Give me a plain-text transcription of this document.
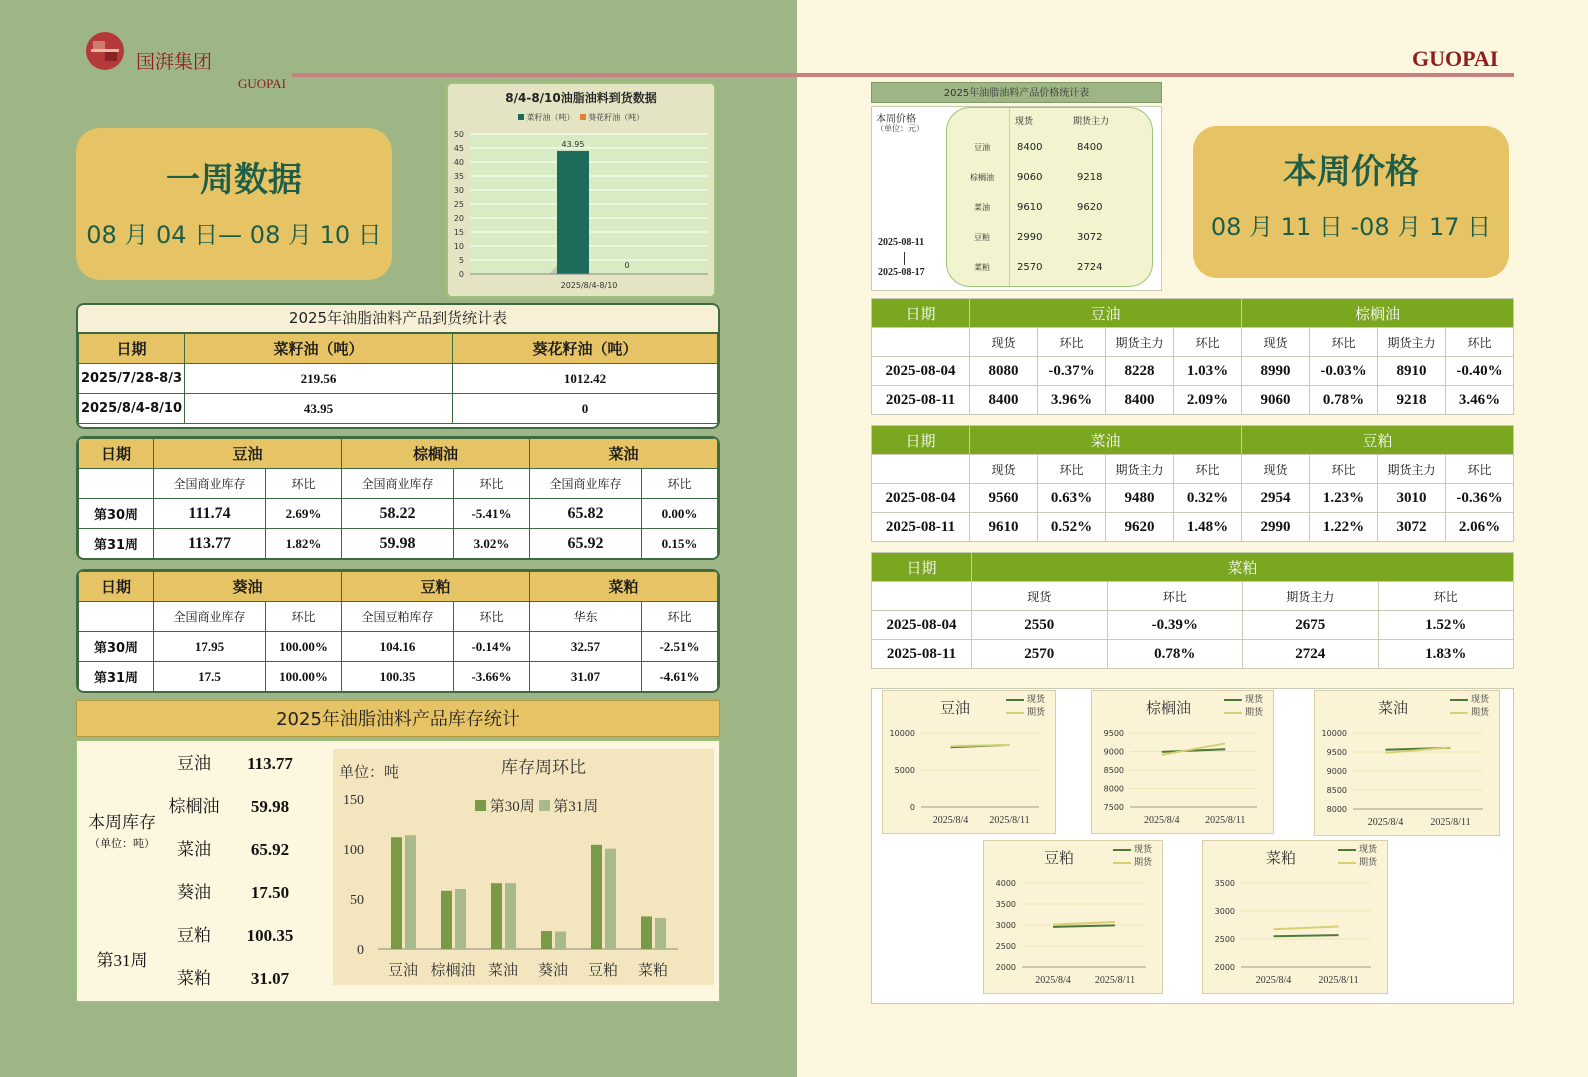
国湃集团
GUOPAI
GUOPAI
一周数据
08 月 04 日— 08 月 10 日
8/4-8/10油脂油料到货数据
菜籽油（吨） 葵花籽油（吨）
50
45
40
35
30
25
20
15
10
5
0
43.95
0
2025/8/4-8/10
2025年油脂油料产品到货统计表
日期	菜籽油（吨）	葵花籽油（吨）
2025/7/28-8/3	219.56	1012.42
2025/8/4-8/10	43.95	0
日期	豆油		棕榈油		菜油	
	全国商业库存	环比	全国商业库存	环比	全国商业库存	环比
第30周	111.74	2.69%	58.22	-5.41%	65.82	0.00%
第31周	113.77	1.82%	59.98	3.02%	65.92	0.15%
日期	葵油		豆粕		菜粕	
	全国商业库存	环比	全国豆粕库存	环比	华东	环比
第30周	17.95	100.00%	104.16	-0.14%	32.57	-2.51%
第31周	17.5	100.00%	100.35	-3.66%	31.07	-4.61%
2025年油脂油料产品库存统计
本周库存
（单位：吨）
第31周
豆油	113.77
棕榈油	59.98
菜油	65.92
葵油	17.50
豆粕	100.35
菜粕	31.07
单位：吨	库存周环比
第30周 第31周
150
100
50
0
豆油 棕榈油 菜油 葵油 豆粕 菜粕
本周价格
08 月 11 日 -08 月 17 日
2025年油脂油料产品价格统计表
本周价格
（单位：元）
2025-08-11
2025-08-17
现货	期货主力
豆油	8400	8400
棕榈油	9060	9218
菜油	9610	9620
豆粕	2990	3072
菜粕	2570	2724
日期	豆油				棕榈油			
	现货	环比	期货主力	环比	现货	环比	期货主力	环比
2025-08-04	8080	-0.37%	8228	1.03%	8990	-0.03%	8910	-0.40%
2025-08-11	8400	3.96%	8400	2.09%	9060	0.78%	9218	3.46%
日期	菜油				豆粕			
	现货	环比	期货主力	环比	现货	环比	期货主力	环比
2025-08-04	9560	0.63%	9480	0.32%	2954	1.23%	3010	-0.36%
2025-08-11	9610	0.52%	9620	1.48%	2990	1.22%	3072	2.06%
日期	菜粕			
	现货	环比	期货主力	环比
2025-08-04	2550	-0.39%	2675	1.52%
2025-08-11	2570	0.78%	2724	1.83%
豆油
现货
期货
10000
5000
0
2025/8/4 2025/8/11
棕榈油
现货
期货
9500
9000
8500
8000
7500
2025/8/4	2025/8/11
菜油
现货
期货
10000
9500
9000
8500
8000
2025/8/4	2025/8/11
豆粕
现货
期货
4000
3500
3000
2500
2000
2025/8/4 2025/8/11
菜粕
现货
期货
3500
3000
2500
2000
2025/8/4	2025/8/11
